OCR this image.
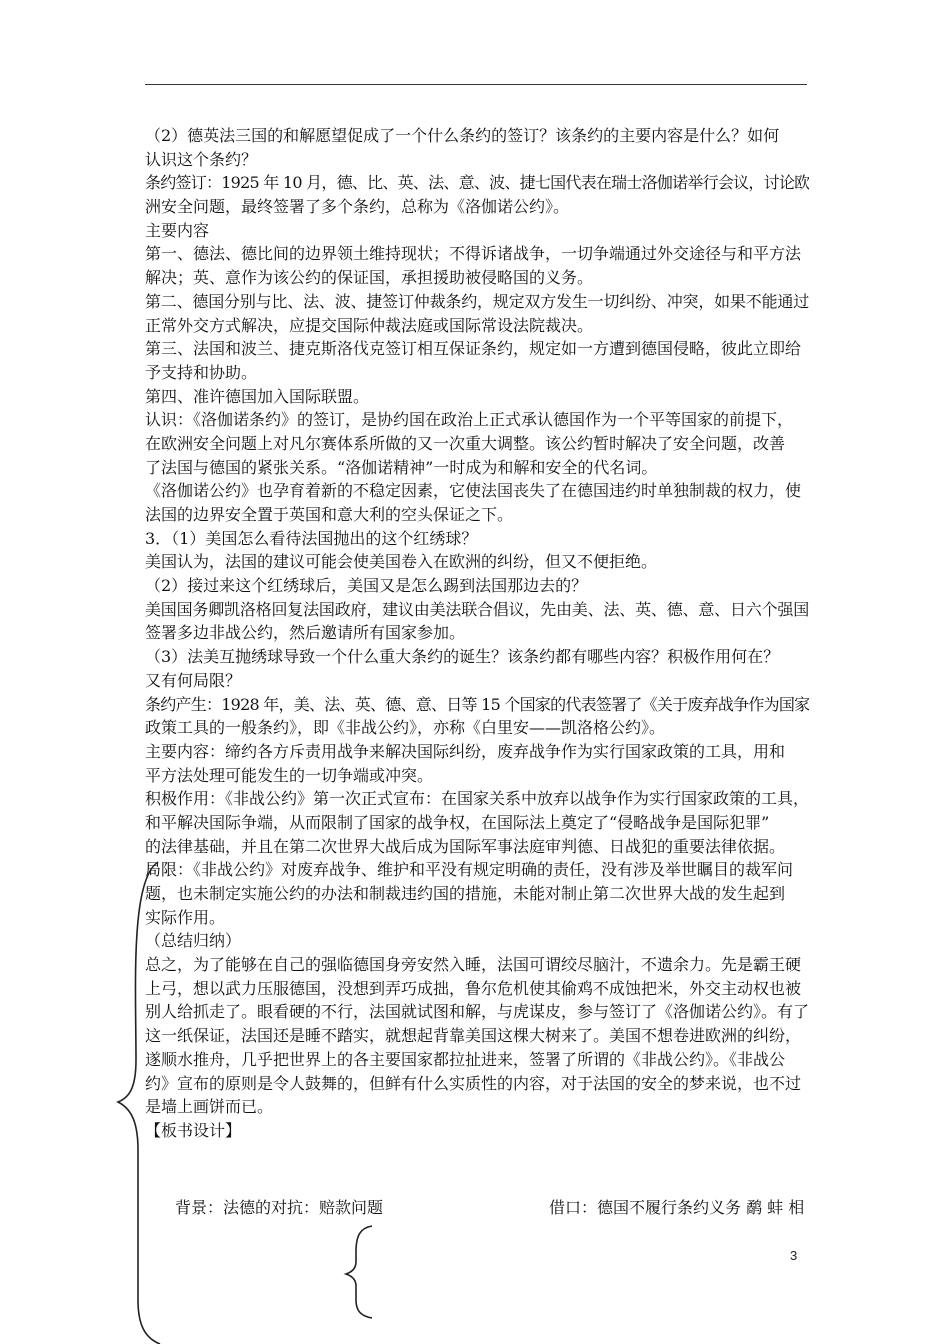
（2）德英法三国的和解愿望促成了一个什么条约的签订？该条约的主要内容是什么？如何
认识这个条约？
条约签订：1925 年 10 月，德、比、英、法、意、波、捷七国代表在瑞士洛伽诺举行会议，讨论欧
洲安全问题，最终签署了多个条约，总称为《洛伽诺公约》。
主要内容
第一、德法、德比间的边界领土维持现状；不得诉诸战争，一切争端通过外交途径与和平方法
解决；英、意作为该公约的保证国，承担援助被侵略国的义务。
第二、德国分别与比、法、波、捷签订仲裁条约，规定双方发生一切纠纷、冲突，如果不能通过
正常外交方式解决，应提交国际仲裁法庭或国际常设法院裁决。
第三、法国和波兰、捷克斯洛伐克签订相互保证条约，规定如一方遭到德国侵略，彼此立即给
予支持和协助。
第四、准许德国加入国际联盟。
认识：《洛伽诺条约》的签订，是协约国在政治上正式承认德国作为一个平等国家的前提下，
在欧洲安全问题上对凡尔赛体系所做的又一次重大调整。该公约暂时解决了安全问题，改善
了法国与德国的紧张关系。“洛伽诺精神”一时成为和解和安全的代名词。
《洛伽诺公约》也孕育着新的不稳定因素，它使法国丧失了在德国违约时单独制裁的权力，使
法国的边界安全置于英国和意大利的空头保证之下。
3．（1）美国怎么看待法国抛出的这个红绣球？
美国认为，法国的建议可能会使美国卷入在欧洲的纠纷，但又不便拒绝。
（2）接过来这个红绣球后，美国又是怎么踢到法国那边去的？
美国国务卿凯洛格回复法国政府，建议由美法联合倡议，先由美、法、英、德、意、日六个强国
签署多边非战公约，然后邀请所有国家参加。
（3）法美互抛绣球导致一个什么重大条约的诞生？该条约都有哪些内容？积极作用何在？
又有何局限？
条约产生：1928 年，美、法、英、德、意、日等 15 个国家的代表签署了《关于废弃战争作为国家
政策工具的一般条约》，即《非战公约》，亦称《白里安——凯洛格公约》。
主要内容：缔约各方斥责用战争来解决国际纠纷，废弃战争作为实行国家政策的工具，用和
平方法处理可能发生的一切争端或冲突。
积极作用：《非战公约》第一次正式宣布：在国家关系中放弃以战争作为实行国家政策的工具，
和平解决国际争端，从而限制了国家的战争权，在国际法上奠定了“侵略战争是国际犯罪”
的法律基础，并且在第二次世界大战后成为国际军事法庭审判德、日战犯的重要法律依据。
局限：《非战公约》对废弃战争、维护和平没有规定明确的责任，没有涉及举世瞩目的裁军问
题，也未制定实施公约的办法和制裁违约国的措施，未能对制止第二次世界大战的发生起到
实际作用。
（总结归纳）
总之，为了能够在自己的强临德国身旁安然入睡，法国可谓绞尽脑汁，不遗余力。先是霸王硬
上弓，想以武力压服德国，没想到弄巧成拙，鲁尔危机使其偷鸡不成蚀把米，外交主动权也被
别人给抓走了。眼看硬的不行，法国就试图和解，与虎谋皮，参与签订了《洛伽诺公约》。有了
这一纸保证，法国还是睡不踏实，就想起背靠美国这棵大树来了。美国不想卷进欧洲的纠纷，
遂顺水推舟，几乎把世界上的各主要国家都拉扯进来，签署了所谓的《非战公约》。《非战公
约》宣布的原则是令人鼓舞的，但鲜有什么实质性的内容，对于法国的安全的梦来说，也不过
是墙上画饼而已。
【板书设计】
背景：法德的对抗：赔款问题	借口：德国不履行条约义务 鹬 蚌 相
3
